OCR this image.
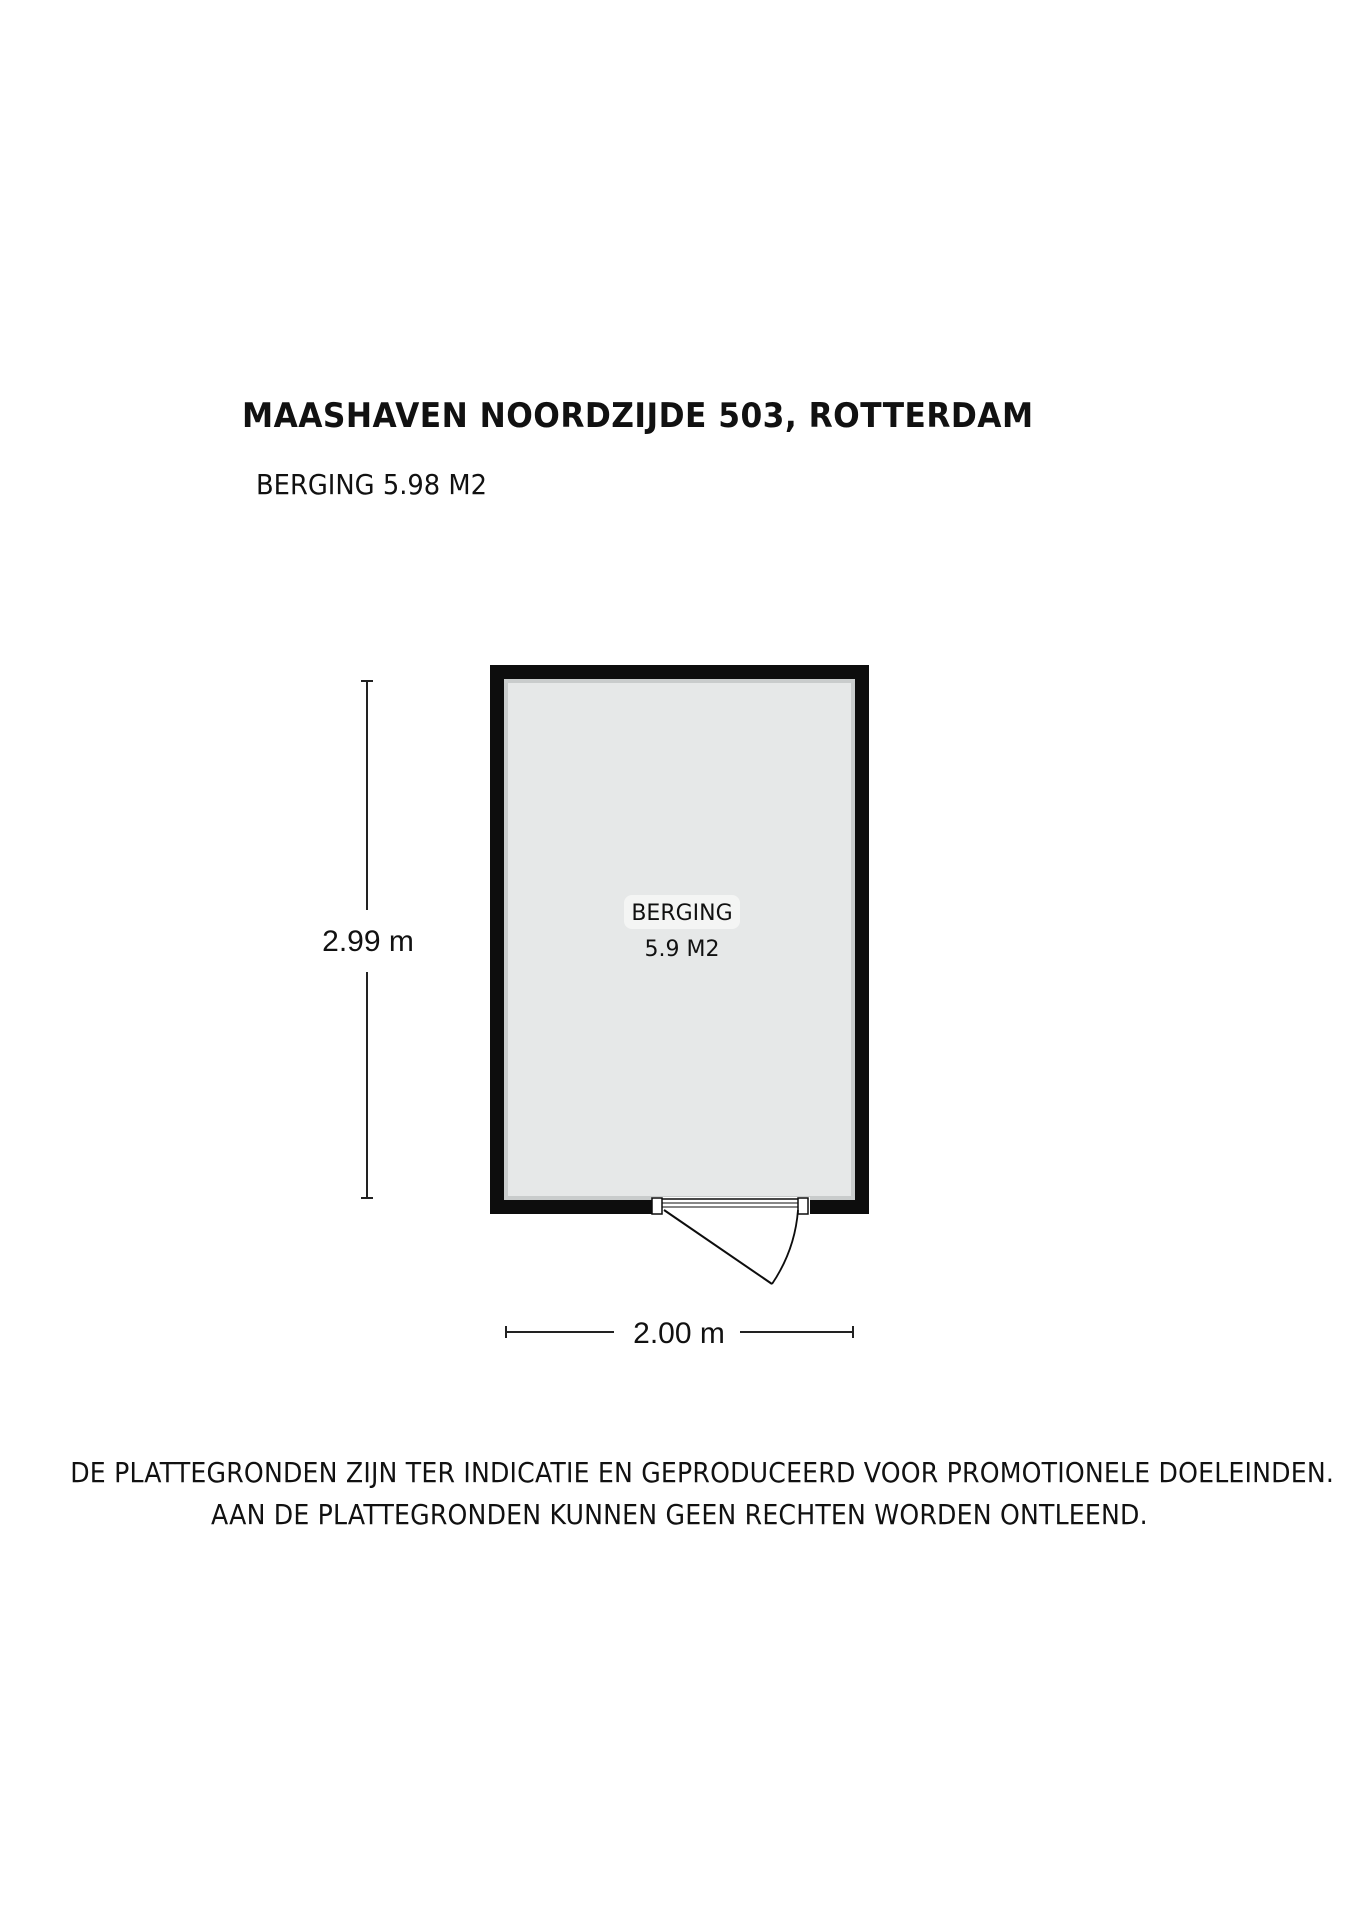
MAASHAVEN NOORDZIJDE 503, ROTTERDAM
BERGING 5.98 M2
BERGING
5.9 M2
2.99 m
2.00 m
DE PLATTEGRONDEN ZIJN TER INDICATIE EN GEPRODUCEERD VOOR PROMOTIONELE DOELEINDEN.
AAN DE PLATTEGRONDEN KUNNEN GEEN RECHTEN WORDEN ONTLEEND.
